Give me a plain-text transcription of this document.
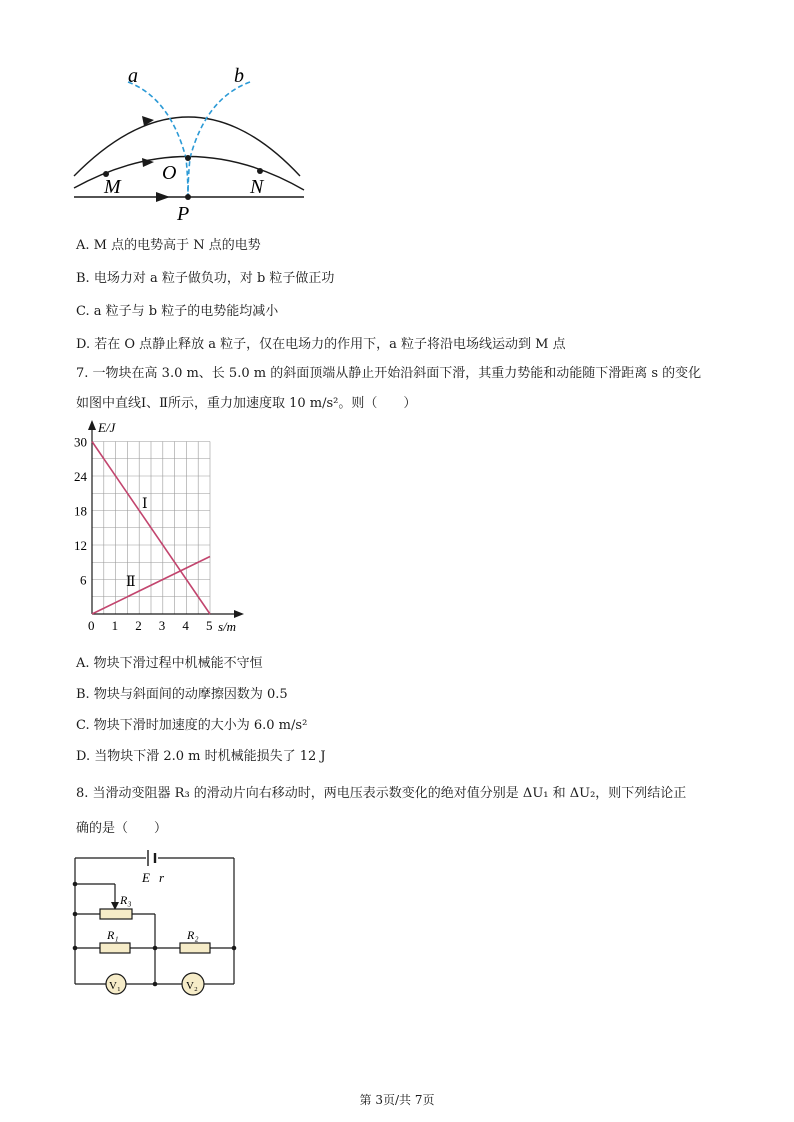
a	b
O
M	N
P
A. M 点的电势高于 N 点的电势
B. 电场力对 a 粒子做负功，对 b 粒子做正功
C. a 粒子与 b 粒子的电势能均减小
D. 若在 O 点静止释放 a 粒子，仅在电场力的作用下，a 粒子将沿电场线运动到 M 点
7. 一物块在高 3.0 m、长 5.0 m 的斜面顶端从静止开始沿斜面下滑，其重力势能和动能随下滑距离 s 的变化
如图中直线Ⅰ、Ⅱ所示，重力加速度取 10 m/s²。则（　　）
0 1 2 3 4 5
6
12
18
24
30
Ⅰ
Ⅱ
E/J
s/m
A. 物块下滑过程中机械能不守恒
B. 物块与斜面间的动摩擦因数为 0.5
C. 物块下滑时加速度的大小为 6.0 m/s²
D. 当物块下滑 2.0 m 时机械能损失了 12 J
8. 当滑动变阻器 R₃ 的滑动片向右移动时，两电压表示数变化的绝对值分别是 ΔU₁ 和 ΔU₂，则下列结论正
确的是（　　）
E r
R₃
R₁	R₂
V₁	V₂
第 3页/共 7页
